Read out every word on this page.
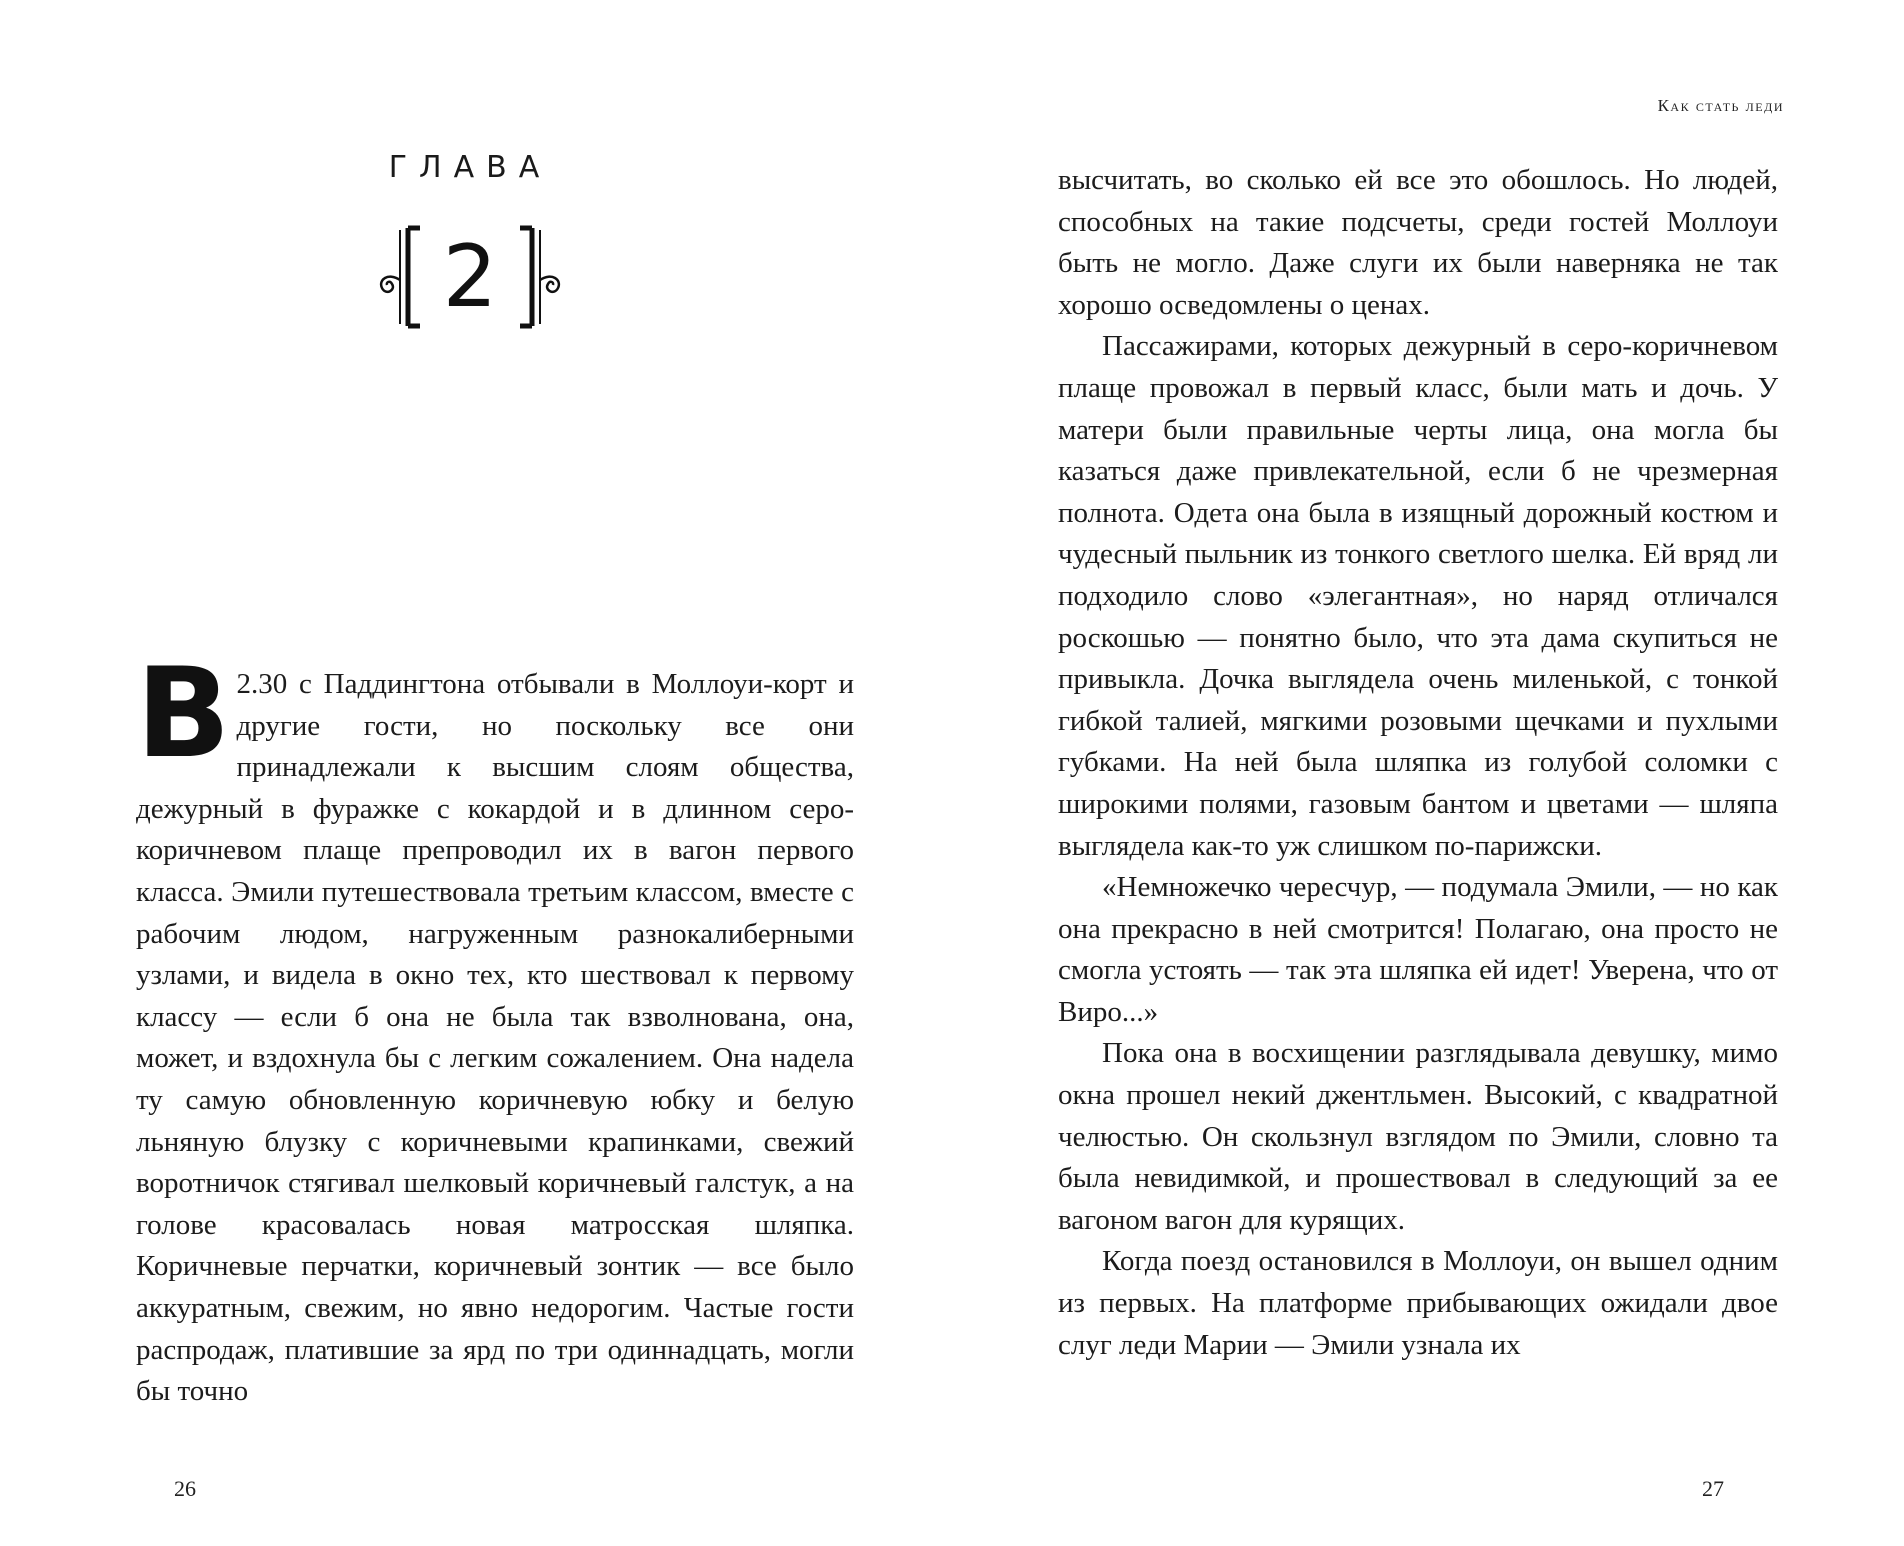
ГЛАВА
2

В 2.30 с Паддингтона отбывали в Моллоуи-корт и другие гости, но поскольку все они принадлежали к высшим слоям общества, дежурный в фуражке с кокардой и в длинном серо-коричневом плаще препроводил их в вагон первого класса. Эмили путешествовала третьим классом, вместе с рабочим людом, нагруженным разнокалиберными узлами, и видела в окно тех, кто шествовал к первому классу — если б она не была так взволнована, она, может, и вздохнула бы с легким сожалением. Она надела ту самую обновленную коричневую юбку и белую льняную блузку с коричневыми крапинками, свежий воротничок стягивал шелковый коричневый галстук, а на голове красовалась новая матросская шляпка. Коричневые перчатки, коричневый зонтик — все было аккуратным, свежим, но явно недорогим. Частые гости распродаж, платившие за ярд по три одиннадцать, могли бы точно

26
Как стать леди

высчитать, во сколько ей все это обошлось. Но людей, способных на такие подсчеты, среди гостей Моллоуи быть не могло. Даже слуги их были наверняка не так хорошо осведомлены о ценах.

Пассажирами, которых дежурный в серо-коричневом плаще провожал в первый класс, были мать и дочь. У матери были правильные черты лица, она могла бы казаться даже привлекательной, если б не чрезмерная полнота. Одета она была в изящный дорожный костюм и чудесный пыльник из тонкого светлого шелка. Ей вряд ли подходило слово «элегантная», но наряд отличался роскошью — понятно было, что эта дама скупиться не привыкла. Дочка выглядела очень миленькой, с тонкой гибкой талией, мягкими розовыми щечками и пухлыми губками. На ней была шляпка из голубой соломки с широкими полями, газовым бантом и цветами — шляпа выглядела как-то уж слишком по-парижски.

«Немножечко чересчур, — подумала Эмили, — но как она прекрасно в ней смотрится! Полагаю, она просто не смогла устоять — так эта шляпка ей идет! Уверена, что от Виро...»

Пока она в восхищении разглядывала девушку, мимо окна прошел некий джентльмен. Высокий, с квадратной челюстью. Он скользнул взглядом по Эмили, словно та была невидимкой, и прошествовал в следующий за ее вагоном вагон для курящих.

Когда поезд остановился в Моллоуи, он вышел одним из первых. На платформе прибывающих ожидали двое слуг леди Марии — Эмили узнала их

27
